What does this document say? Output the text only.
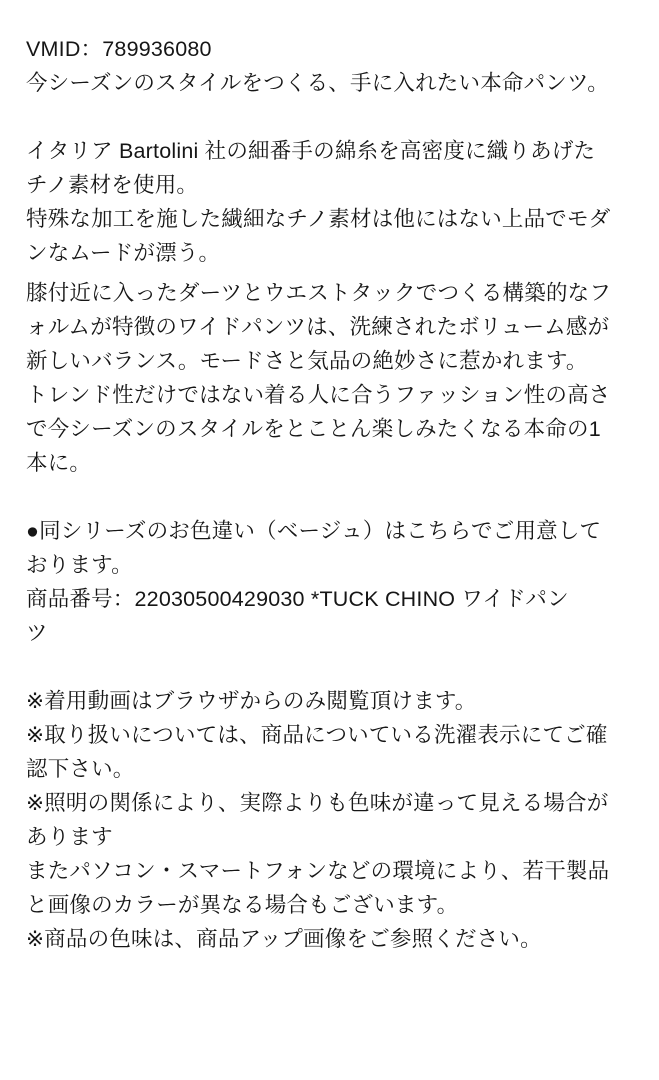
VMID：789936080
今シーズンのスタイルをつくる、手に入れたい本命パンツ。
イタリア Bartolini 社の細番手の綿糸を高密度に織りあげた
チノ素材を使用。
特殊な加工を施した繊細なチノ素材は他にはない上品でモダ
ンなムードが漂う。
膝付近に入ったダーツとウエストタックでつくる構築的なフ
ォルムが特徴のワイドパンツは、洗練されたボリューム感が
新しいバランス。モードさと気品の絶妙さに惹かれます。
トレンド性だけではない着る人に合うファッション性の高さ
で今シーズンのスタイルをとことん楽しみたくなる本命の1
本に。
●同シリーズのお色違い（ベージュ）はこちらでご用意して
おります。
商品番号：22030500429030 *TUCK CHINO ワイドパン
ツ
※着用動画はブラウザからのみ閲覧頂けます。
※取り扱いについては、商品についている洗濯表示にてご確
認下さい。
※照明の関係により、実際よりも色味が違って見える場合が
あります
またパソコン・スマートフォンなどの環境により、若干製品
と画像のカラーが異なる場合もございます。
※商品の色味は、商品アップ画像をご参照ください。
